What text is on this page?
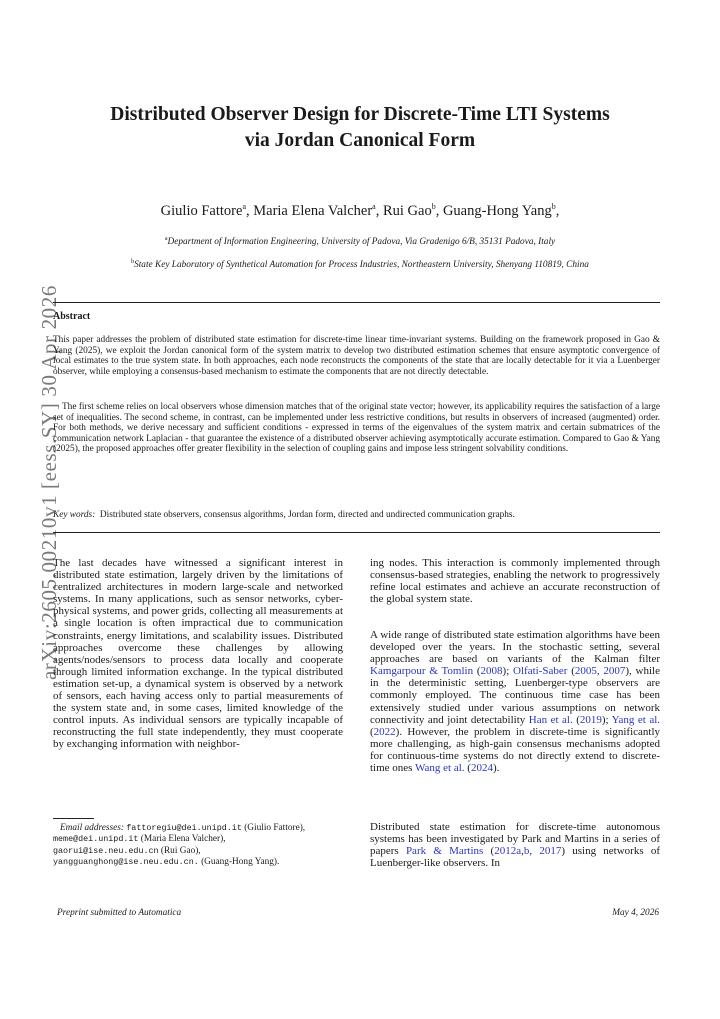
arXiv:2605.00210v1 [eess.SY] 30 Apr 2026
Distributed Observer Design for Discrete-Time LTI Systems
via Jordan Canonical Form
Giulio Fattore$^a$, Maria Elena Valcher$^a$, Rui Gao$^b$, Guang-Hong Yang$^b$,
$^a$Department of Information Engineering, University of Padova, Via Gradenigo 6/B, 35131 Padova, Italy
$^b$State Key Laboratory of Synthetical Automation for Process Industries, Northeastern University, Shenyang 110819, China
Abstract
This paper addresses the problem of distributed state estimation for discrete-time linear time-invariant systems. Building on the framework proposed in Gao & Yang (2025), we exploit the Jordan canonical form of the system matrix to develop two distributed estimation schemes that ensure asymptotic convergence of local estimates to the true system state. In both approaches, each node reconstructs the components of the state that are locally detectable for it via a Luenberger observer, while employing a consensus-based mechanism to estimate the components that are not directly detectable.
The first scheme relies on local observers whose dimension matches that of the original state vector; however, its applicability requires the satisfaction of a large set of inequalities. The second scheme, in contrast, can be implemented under less restrictive conditions, but results in observers of increased (augmented) order. For both methods, we derive necessary and sufficient conditions - expressed in terms of the eigenvalues of the system matrix and certain submatrices of the communication network Laplacian - that guarantee the existence of a distributed observer achieving asymptotically accurate estimation. Compared to Gao & Yang (2025), the proposed approaches offer greater flexibility in the selection of coupling gains and impose less stringent solvability conditions.
Key words: Distributed state observers, consensus algorithms, Jordan form, directed and undirected communication graphs.
The last decades have witnessed a significant interest in distributed state estimation, largely driven by the limitations of centralized architectures in modern large-scale and networked systems. In many applications, such as sensor networks, cyber-physical systems, and power grids, collecting all measurements at a single location is often impractical due to communication constraints, energy limitations, and scalability issues. Distributed approaches overcome these challenges by allowing agents/nodes/sensors to process data locally and cooperate through limited information exchange. In the typical distributed estimation set-up, a dynamical system is observed by a network of sensors, each having access only to partial measurements of the system state and, in some cases, limited knowledge of the control inputs. As individual sensors are typically incapable of reconstructing the full state independently, they must cooperate by exchanging information with neighbor-
ing nodes. This interaction is commonly implemented through consensus-based strategies, enabling the network to progressively refine local estimates and achieve an accurate reconstruction of the global system state.
A wide range of distributed state estimation algorithms have been developed over the years. In the stochastic setting, several approaches are based on variants of the Kalman filter Kamgarpour & Tomlin (2008); Olfati-Saber (2005, 2007), while in the deterministic setting, Luenberger-type observers are commonly employed. The continuous time case has been extensively studied under various assumptions on network connectivity and joint detectability Han et al. (2019); Yang et al. (2022). However, the problem in discrete-time is significantly more challenging, as high-gain consensus mechanisms adopted for continuous-time systems do not directly extend to discrete-time ones Wang et al. (2024).
Distributed state estimation for discrete-time autonomous systems has been investigated by Park and Martins in a series of papers Park & Martins (2012a,b, 2017) using networks of Luenberger-like observers. In
Email addresses: fattoregiu@dei.unipd.it (Giulio Fattore), meme@dei.unipd.it (Maria Elena Valcher),
gaorui@ise.neu.edu.cn (Rui Gao),
yangguanghong@ise.neu.edu.cn. (Guang-Hong Yang).
Preprint submitted to Automatica	May 4, 2026
